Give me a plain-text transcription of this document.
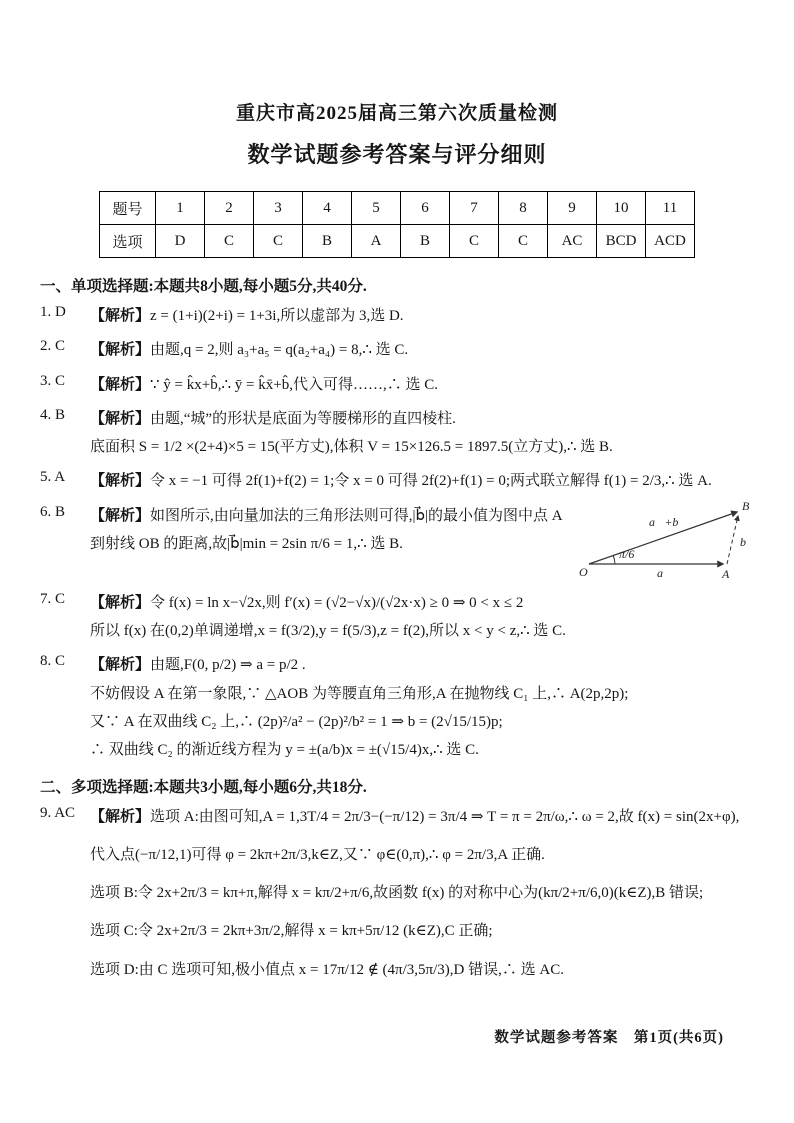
重庆市高2025届高三第六次质量检测
数学试题参考答案与评分细则
题号	1	2	3	4	5	6	7	8	9	10	11
选项	D	C	C	B	A	B	C	C	AC	BCD	ACD
一、单项选择题:本题共8小题,每小题5分,共40分.
1. D	【解析】z = (1+i)(2+i) = 1+3i,所以虚部为 3,选 D.
2. C	【解析】由题,q = 2,则 a₃+a₅ = q(a₂+a₄) = 8,∴ 选 C.
3. C	【解析】∵ ŷ = k̂x+b̂,∴ ȳ = k̂x̄+b̂,代入可得……,∴ 选 C.
4. B	【解析】由题,“城”的形状是底面为等腰梯形的直四棱柱.
底面积 S = 1/2 ×(2+4)×5 = 15(平方丈),体积 V = 15×126.5 = 1897.5(立方丈),∴ 选 B.
5. A	【解析】令 x = −1 可得 2f(1)+f(2) = 1;令 x = 0 可得 2f(2)+f(1) = 0;两式联立解得 f(1) = 2/3,∴ 选 A.
6. B	【解析】如图所示,由向量加法的三角形法则可得,|b⃗|的最小值为图中点 A
到射线 OB 的距离,故|b⃗|min = 2sin π/6 = 1,∴ 选 B.
a⃗+b⃗
a⃗
b⃗
π/6
O	A
B
7. C	【解析】令 f(x) = ln x−√2x,则 f′(x) = (√2−√x)/(√2x·x) ≥ 0 ⇒ 0 < x ≤ 2
所以 f(x) 在(0,2)单调递增,x = f(3/2),y = f(5/3),z = f(2),所以 x < y < z,∴ 选 C.
8. C	【解析】由题,F(0, p/2) ⇒ a = p/2 .
不妨假设 A 在第一象限,∵ △AOB 为等腰直角三角形,A 在抛物线 C₁ 上,∴ A(2p,2p);
又∵ A 在双曲线 C₂ 上,∴ (2p)²/a² − (2p)²/b² = 1 ⇒ b = (2√15/15)p;
∴ 双曲线 C₂ 的渐近线方程为 y = ±(a/b)x = ±(√15/4)x,∴ 选 C.
二、多项选择题:本题共3小题,每小题6分,共18分.
9. AC 【解析】选项 A:由图可知,A = 1,3T/4 = 2π/3−(−π/12) = 3π/4 ⇒ T = π = 2π/ω,∴ ω = 2,故 f(x) = sin(2x+φ),
代入点(−π/12,1)可得 φ = 2kπ+2π/3,k∈Z,又∵ φ∈(0,π),∴ φ = 2π/3,A 正确.
选项 B:令 2x+2π/3 = kπ+π,解得 x = kπ/2+π/6,故函数 f(x) 的对称中心为(kπ/2+π/6,0)(k∈Z),B 错误;
选项 C:令 2x+2π/3 = 2kπ+3π/2,解得 x = kπ+5π/12 (k∈Z),C 正确;
选项 D:由 C 选项可知,极小值点 x = 17π/12 ∉ (4π/3,5π/3),D 错误,∴ 选 AC.
数学试题参考答案　第1页(共6页)
